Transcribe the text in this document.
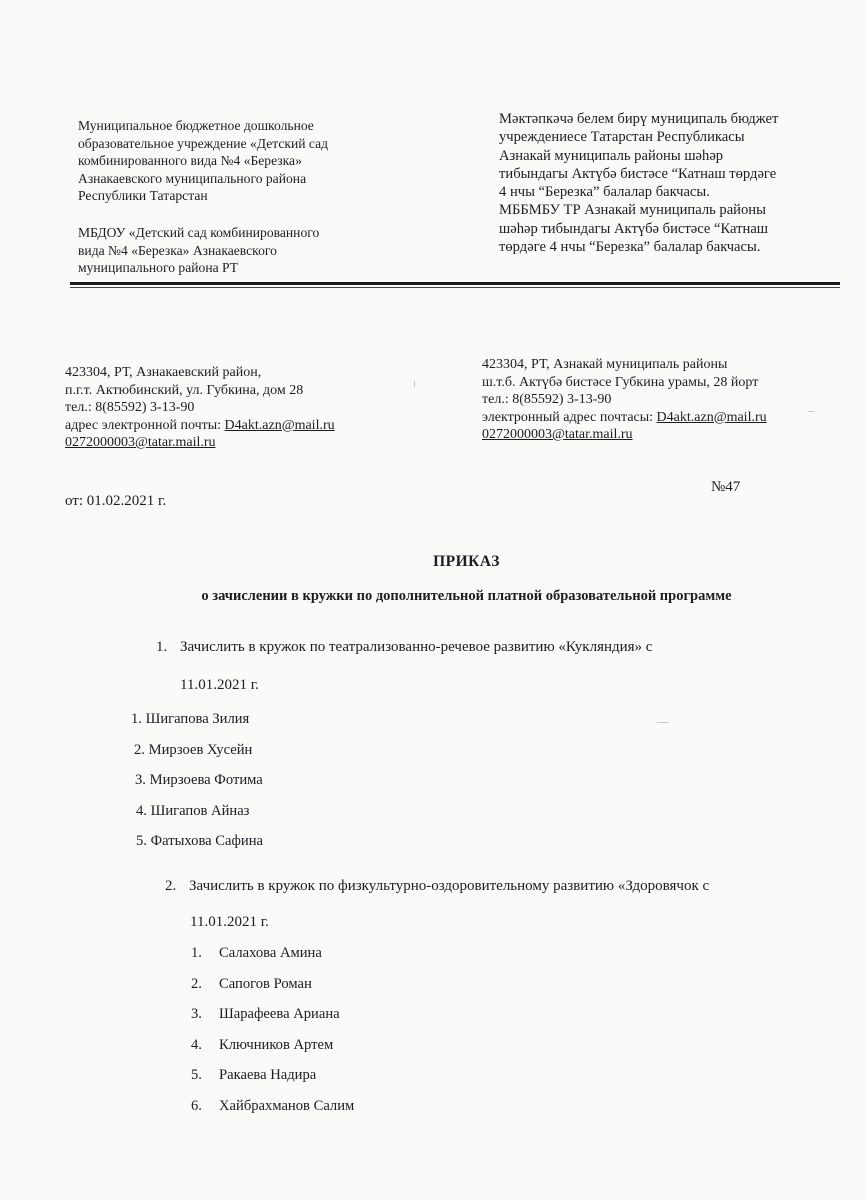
Муниципальное бюджетное дошкольное
образовательное учреждение «Детский сад
комбинированного вида №4 «Березка»
Азнакаевского муниципального района
Республики Татарстан
МБДОУ «Детский сад комбинированного
вида №4 «Березка» Азнакаевского
муниципального района РТ
Мәктәпкәчә белем бирү муниципаль бюджет
учреждениесе Татарстан Республикасы
Азнакай муниципаль районы шәһәр
тибындагы Актүбә бистәсе “Катнаш төрдәге
4 нчы “Березка” балалар бакчасы.
МББМБУ ТР Азнакай муниципаль районы
шәһәр тибындагы Актүбә бистәсе “Катнаш
төрдәге 4 нчы “Березка” балалар бакчасы.
423304, РТ, Азнакаевский район,
п.г.т. Актюбинский, ул. Губкина, дом 28
тел.: 8(85592) 3-13-90
адрес электронной почты: D4akt.azn@mail.ru
0272000003@tatar.mail.ru
423304, РТ, Азнакай муниципаль районы
ш.т.б. Актүбә бистәсе Губкина урамы, 28 йорт
тел.: 8(85592) 3-13-90
электронный адрес почтасы: D4akt.azn@mail.ru
0272000003@tatar.mail.ru
от: 01.02.2021 г.
№47
ПРИКАЗ
о зачислении в кружки по дополнительной платной образовательной программе
1. Зачислить в кружок по театрализованно-речевое развитию «Кукляндия» с
11.01.2021 г.
1. Шигапова Зилия
2. Мирзоев Хусейн
3. Мирзоева Фотима
4. Шигапов Айназ
5. Фатыхова Сафина
2. Зачислить в кружок по физкультурно-оздоровительному развитию «Здоровячок с
11.01.2021 г.
1. Салахова Амина
2. Сапогов Роман
3. Шарафеева Ариана
4. Ключников Артем
5. Ракаева Надира
6. Хайбрахманов Салим
